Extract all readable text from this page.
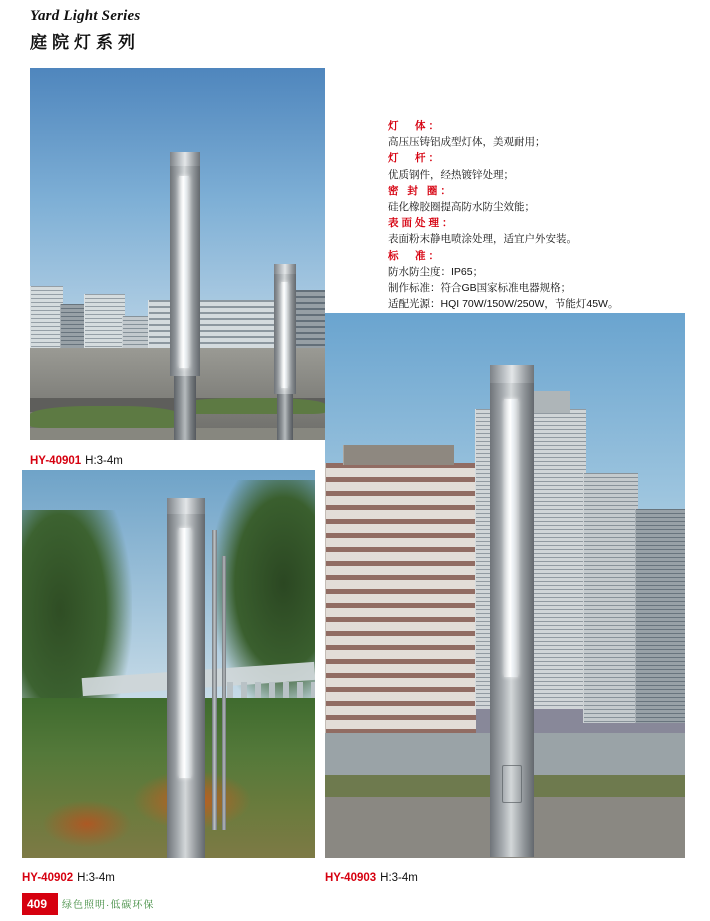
Yard Light Series
庭院灯系列
HY-40901 H:3-4m
灯　体：
高压压铸铝成型灯体，美观耐用；
灯　杆：
优质钢件，经热镀锌处理；
密 封 圈：
硅化橡胶圈提高防水防尘效能；
表面处理：
表面粉末静电喷涂处理，适宜户外安装。
标　准：
防水防尘度：IP65；
制作标准：符合GB国家标准电器规格；
适配光源：HQI 70W/150W/250W，节能灯45W。
HY-40903 H:3-4m
HY-40902 H:3-4m
409 绿色照明·低碳环保
